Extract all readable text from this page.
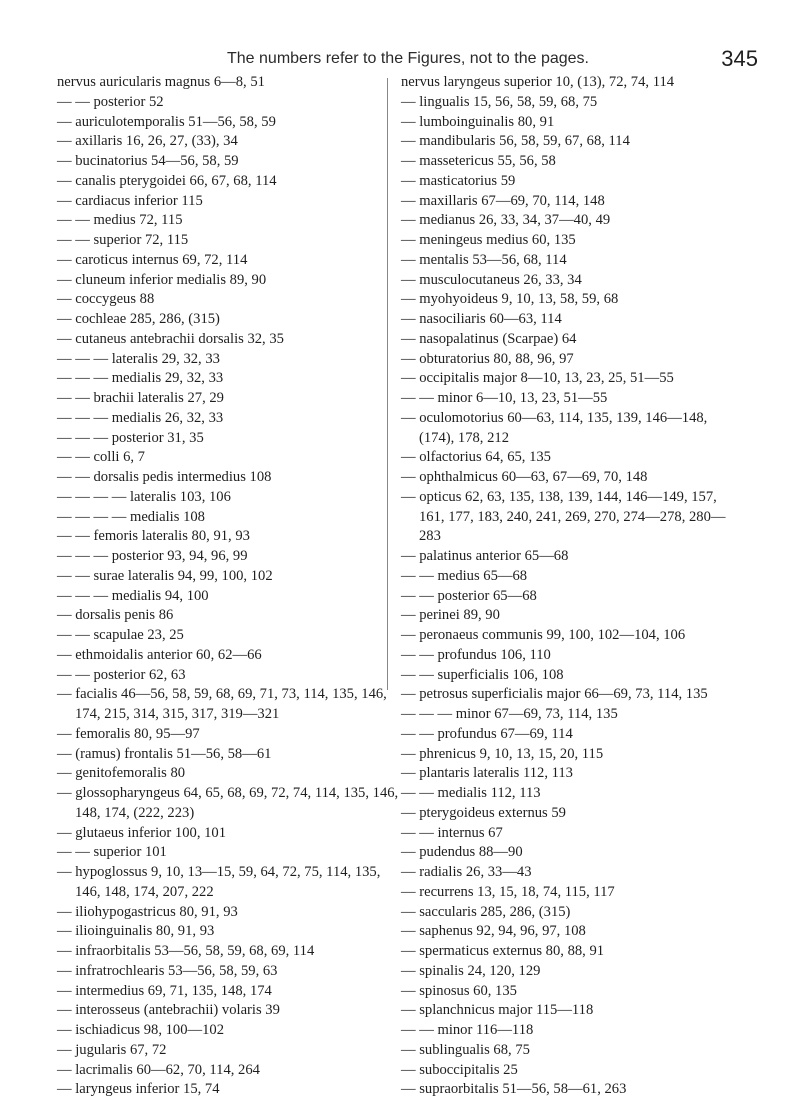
The numbers refer to the Figures, not to the pages.	345
nervus auricularis magnus 6—8, 51
— — posterior 52
— auriculotemporalis 51—56, 58, 59
— axillaris 16, 26, 27, (33), 34
— bucinatorius 54—56, 58, 59
— canalis pterygoidei 66, 67, 68, 114
— cardiacus inferior 115
— — medius 72, 115
— — superior 72, 115
— caroticus internus 69, 72, 114
— cluneum inferior medialis 89, 90
— coccygeus 88
— cochleae 285, 286, (315)
— cutaneus antebrachii dorsalis 32, 35
— — — lateralis 29, 32, 33
— — — medialis 29, 32, 33
— — brachii lateralis 27, 29
— — — medialis 26, 32, 33
— — — posterior 31, 35
— — colli 6, 7
— — dorsalis pedis intermedius 108
— — — — lateralis 103, 106
— — — — medialis 108
— — femoris lateralis 80, 91, 93
— — — posterior 93, 94, 96, 99
— — surae lateralis 94, 99, 100, 102
— — — medialis 94, 100
— dorsalis penis 86
— — scapulae 23, 25
— ethmoidalis anterior 60, 62—66
— — posterior 62, 63
— facialis 46—56, 58, 59, 68, 69, 71, 73, 114, 135, 146, 174, 215, 314, 315, 317, 319—321
— femoralis 80, 95—97
— (ramus) frontalis 51—56, 58—61
— genitofemoralis 80
— glossopharyngeus 64, 65, 68, 69, 72, 74, 114, 135, 146, 148, 174, (222, 223)
— glutaeus inferior 100, 101
— — superior 101
— hypoglossus 9, 10, 13—15, 59, 64, 72, 75, 114, 135, 146, 148, 174, 207, 222
— iliohypogastricus 80, 91, 93
— ilioinguinalis 80, 91, 93
— infraorbitalis 53—56, 58, 59, 68, 69, 114
— infratrochlearis 53—56, 58, 59, 63
— intermedius 69, 71, 135, 148, 174
— interosseus (antebrachii) volaris 39
— ischiadicus 98, 100—102
— jugularis 67, 72
— lacrimalis 60—62, 70, 114, 264
— laryngeus inferior 15, 74
nervus laryngeus superior 10, (13), 72, 74, 114
— lingualis 15, 56, 58, 59, 68, 75
— lumboinguinalis 80, 91
— mandibularis 56, 58, 59, 67, 68, 114
— massetericus 55, 56, 58
— masticatorius 59
— maxillaris 67—69, 70, 114, 148
— medianus 26, 33, 34, 37—40, 49
— meningeus medius 60, 135
— mentalis 53—56, 68, 114
— musculocutaneus 26, 33, 34
— myohyoideus 9, 10, 13, 58, 59, 68
— nasociliaris 60—63, 114
— nasopalatinus (Scarpae) 64
— obturatorius 80, 88, 96, 97
— occipitalis major 8—10, 13, 23, 25, 51—55
— — minor 6—10, 13, 23, 51—55
— oculomotorius 60—63, 114, 135, 139, 146—148, (174), 178, 212
— olfactorius 64, 65, 135
— ophthalmicus 60—63, 67—69, 70, 148
— opticus 62, 63, 135, 138, 139, 144, 146—149, 157, 161, 177, 183, 240, 241, 269, 270, 274—278, 280—283
— palatinus anterior 65—68
— — medius 65—68
— — posterior 65—68
— perinei 89, 90
— peronaeus communis 99, 100, 102—104, 106
— — profundus 106, 110
— — superficialis 106, 108
— petrosus superficialis major 66—69, 73, 114, 135
— — — minor 67—69, 73, 114, 135
— — profundus 67—69, 114
— phrenicus 9, 10, 13, 15, 20, 115
— plantaris lateralis 112, 113
— — medialis 112, 113
— pterygoideus externus 59
— — internus 67
— pudendus 88—90
— radialis 26, 33—43
— recurrens 13, 15, 18, 74, 115, 117
— saccularis 285, 286, (315)
— saphenus 92, 94, 96, 97, 108
— spermaticus externus 80, 88, 91
— spinalis 24, 120, 129
— spinosus 60, 135
— splanchnicus major 115—118
— — minor 116—118
— sublingualis 68, 75
— suboccipitalis 25
— supraorbitalis 51—56, 58—61, 263
